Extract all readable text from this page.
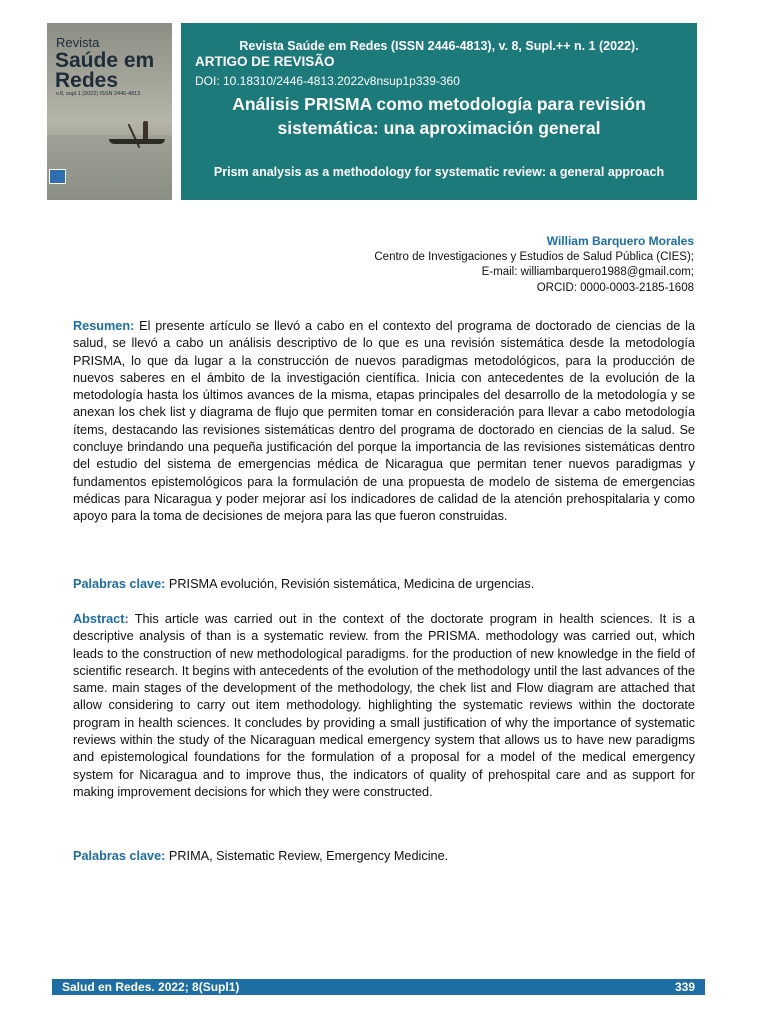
Revista
Saúde em Redes
v.8, supl.1 (2022) ISSN 2446-4813
Revista Saúde em Redes (ISSN 2446-4813), v. 8, Supl.++ n. 1 (2022).
ARTIGO DE REVISÃO
DOI: 10.18310/2446-4813.2022v8nsup1p339-360
Análisis PRISMA como metodología para revisión sistemática: una aproximación general
Prism analysis as a methodology for systematic review: a general approach
William Barquero Morales
Centro de Investigaciones y Estudios de Salud Pública (CIES);
E-mail: williambarquero1988@gmail.com;
ORCID: 0000-0003-2185-1608
Resumen: El presente artículo se llevó a cabo en el contexto del programa de doctorado de ciencias de la salud, se llevó a cabo un análisis descriptivo de lo que es una revisión sistemática desde la metodología PRISMA, lo que da lugar a la construcción de nuevos paradigmas metodológicos, para la producción de nuevos saberes en el ámbito de la investigación científica. Inicia con antecedentes de la evolución de la metodología hasta los últimos avances de la misma, etapas principales del desarrollo de la metodología y se anexan los chek list y diagrama de flujo que permiten tomar en consideración para llevar a cabo metodología ítems, destacando las revisiones sistemáticas dentro del programa de doctorado en ciencias de la salud. Se concluye brindando una pequeña justificación del porque la importancia de las revisiones sistemáticas dentro del estudio del sistema de emergencias médica de Nicaragua que permitan tener nuevos paradigmas y fundamentos epistemológicos para la formulación de una propuesta de modelo de sistema de emergencias médicas para Nicaragua y poder mejorar así los indicadores de calidad de la atención prehospitalaria y como apoyo para la toma de decisiones de mejora para las que fueron construidas.
Palabras clave: PRISMA evolución, Revisión sistemática, Medicina de urgencias.
Abstract: This article was carried out in the context of the doctorate program in health sciences. It is a descriptive analysis of than is a systematic review. from the PRISMA. methodology was carried out, which leads to the construction of new methodological paradigms. for the production of new knowledge in the field of scientific research. It begins with antecedents of the evolution of the methodology until the last advances of the same. main stages of the development of the methodology, the chek list and Flow diagram are attached that allow considering to carry out item methodology. highlighting the systematic reviews within the doctorate program in health sciences. It concludes by providing a small justification of why the importance of systematic reviews within the study of the Nicaraguan medical emergency system that allows us to have new paradigms and epistemological foundations for the formulation of a proposal for a model of the medical emergency system for Nicaragua and to improve thus, the indicators of quality of prehospital care and as support for making improvement decisions for which they were constructed.
Palabras clave: PRIMA, Sistematic Review, Emergency Medicine.
Salud en Redes. 2022; 8(Supl1)	339
